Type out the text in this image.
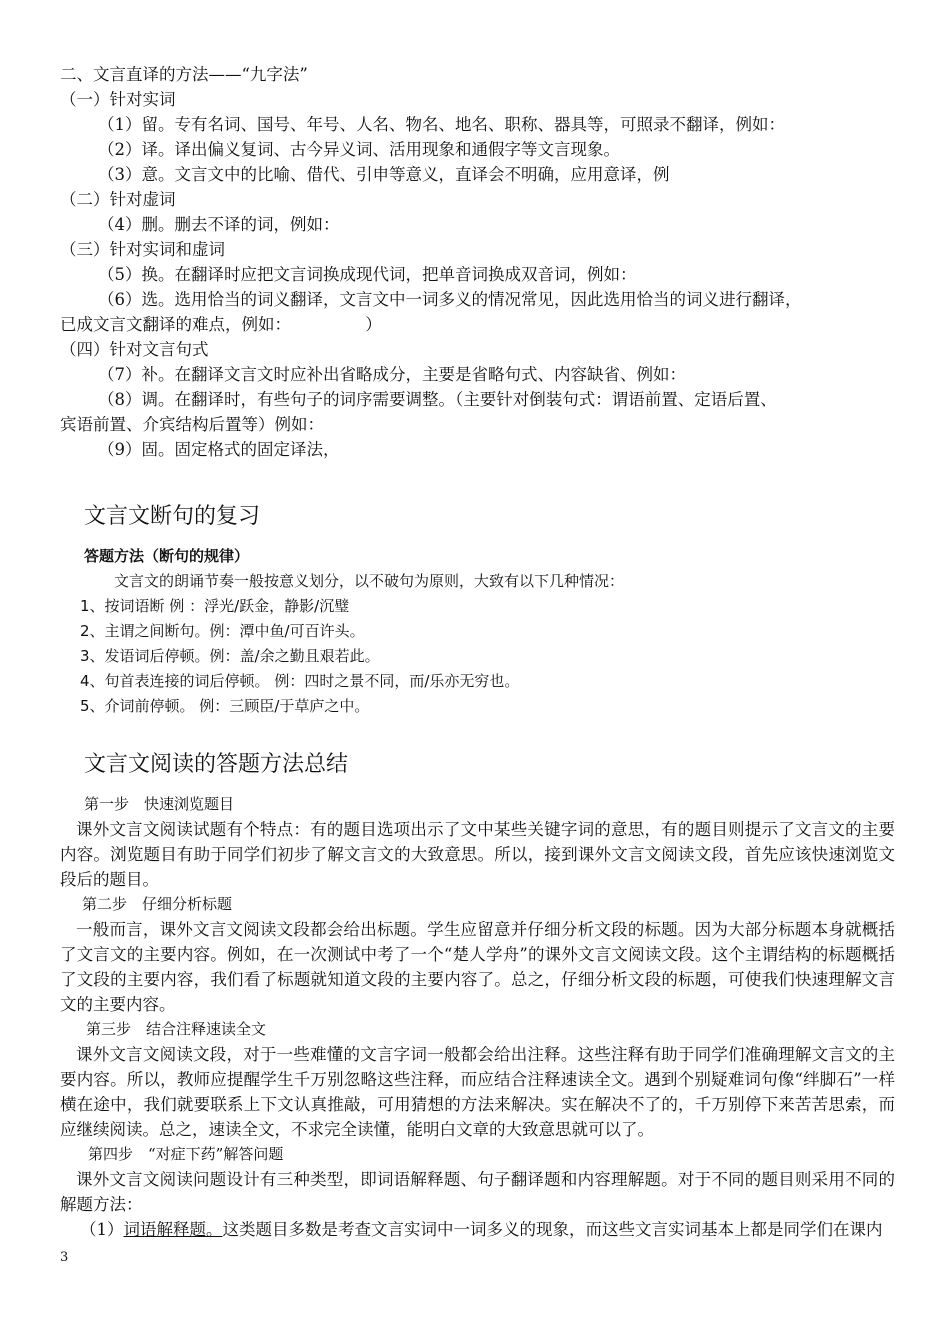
二、文言直译的方法——“九字法”
（一）针对实词
（1）留。专有名词、国号、年号、人名、物名、地名、职称、器具等，可照录不翻译，例如：
（2）译。译出偏义复词、古今异义词、活用现象和通假字等文言现象。
（3）意。文言文中的比喻、借代、引申等意义，直译会不明确，应用意译，例
（二）针对虚词
（4）删。删去不译的词，例如：
（三）针对实词和虚词
（5）换。在翻译时应把文言词换成现代词，把单音词换成双音词，例如：
（6）选。选用恰当的词义翻译，文言文中一词多义的情况常见，因此选用恰当的词义进行翻译，
已成文言文翻译的难点，例如：　　　　　）
（四）针对文言句式
（7）补。在翻译文言文时应补出省略成分，主要是省略句式、内容缺省、例如：
（8）调。在翻译时，有些句子的词序需要调整。（主要针对倒装句式：谓语前置、定语后置、
宾语前置、介宾结构后置等）例如：
（9）固。固定格式的固定译法，
文言文断句的复习
答题方法（断句的规律）
文言文的朗诵节奏一般按意义划分，以不破句为原则，大致有以下几种情况：
1、按词语断 例 ：浮光/跃金，静影/沉璧
2、主谓之间断句。例：潭中鱼/可百许头。
3、发语词后停顿。例：盖/余之勤且艰若此。
4、句首表连接的词后停顿。 例：四时之景不同，而/乐亦无穷也。
5、介词前停顿。 例：三顾臣/于草庐之中。
文言文阅读的答题方法总结
第一步　快速浏览题目
课外文言文阅读试题有个特点：有的题目选项出示了文中某些关键字词的意思，有的题目则提示了文言文的主要内容。浏览题目有助于同学们初步了解文言文的大致意思。所以，接到课外文言文阅读文段，首先应该快速浏览文段后的题目。
第二步　仔细分析标题
一般而言，课外文言文阅读文段都会给出标题。学生应留意并仔细分析文段的标题。因为大部分标题本身就概括了文言文的主要内容。例如，在一次测试中考了一个“楚人学舟”的课外文言文阅读文段。这个主谓结构的标题概括了文段的主要内容，我们看了标题就知道文段的主要内容了。总之，仔细分析文段的标题，可使我们快速理解文言文的主要内容。
第三步　结合注释速读全文
课外文言文阅读文段，对于一些难懂的文言字词一般都会给出注释。这些注释有助于同学们准确理解文言文的主要内容。所以，教师应提醒学生千万别忽略这些注释，而应结合注释速读全文。遇到个别疑难词句像“绊脚石”一样横在途中，我们就要联系上下文认真推敲，可用猜想的方法来解决。实在解决不了的，千万别停下来苦苦思索，而应继续阅读。总之，速读全文，不求完全读懂，能明白文章的大致意思就可以了。
第四步　“对症下药”解答问题
课外文言文阅读问题设计有三种类型，即词语解释题、句子翻译题和内容理解题。对于不同的题目则采用不同的解题方法：
（1）词语解释题。这类题目多数是考查文言实词中一词多义的现象，而这些文言实词基本上都是同学们在课内
3
